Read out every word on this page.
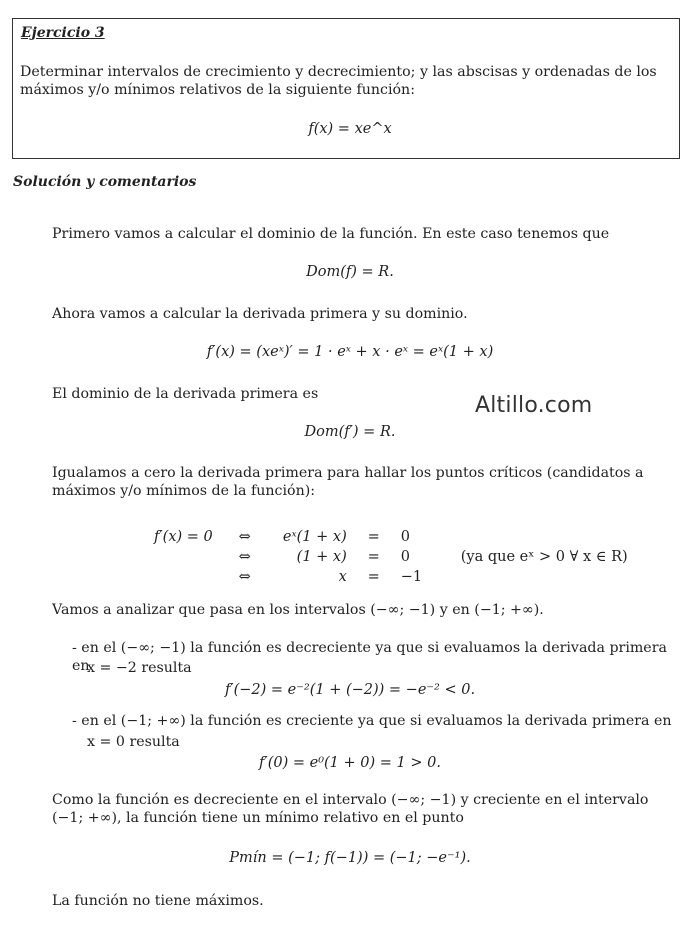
Ejercicio 3
Determinar intervalos de crecimiento y decrecimiento; y las abscisas y ordenadas de los máximos y/o mínimos relativos de la siguiente función:
f(x) = xe^x
Solución y comentarios
Primero vamos a calcular el dominio de la función. En este caso tenemos que
Dom(f) = R.
Ahora vamos a calcular la derivada primera y su dominio.
f′(x) = (xeˣ)′ = 1 · eˣ + x · eˣ = eˣ(1 + x)
El dominio de la derivada primera es	Altillo.com
Dom(f′) = R.
Igualamos a cero la derivada primera para hallar los puntos críticos (candidatos a máximos y/o mínimos de la función):
f′(x) = 0	⇔	eˣ(1 + x)	=	0	
	⇔	(1 + x)	=	0	(ya que eˣ > 0 ∀ x ∈ R)
	⇔	x	=	−1	
Vamos a analizar que pasa en los intervalos (−∞; −1) y en (−1; +∞).
- en el (−∞; −1) la función es decreciente ya que si evaluamos la derivada primera en
x = −2 resulta
f′(−2) = e⁻²(1 + (−2)) = −e⁻² < 0.
- en el (−1; +∞) la función es creciente ya que si evaluamos la derivada primera en
x = 0 resulta
f′(0) = e⁰(1 + 0) = 1 > 0.
Como la función es decreciente en el intervalo (−∞; −1) y creciente en el intervalo (−1; +∞), la función tiene un mínimo relativo en el punto
Pmín = (−1; f(−1)) = (−1; −e⁻¹).
La función no tiene máximos.
